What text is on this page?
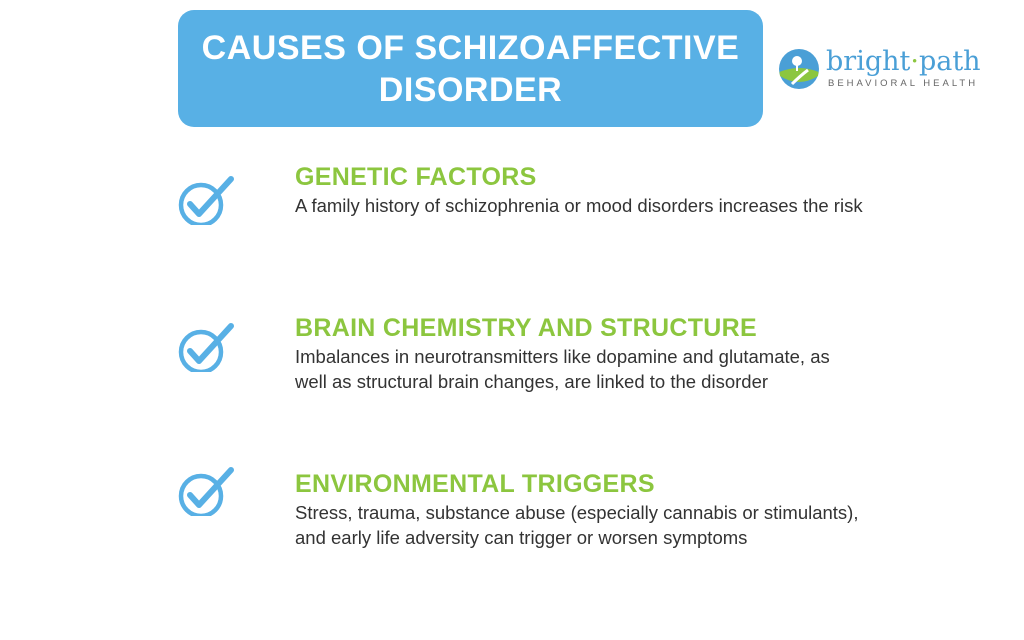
CAUSES OF SCHIZOAFFECTIVE
DISORDER
bright·path
BEHAVIORAL HEALTH
GENETIC FACTORS
A family history of schizophrenia or mood disorders increases the risk
BRAIN CHEMISTRY AND STRUCTURE
Imbalances in neurotransmitters like dopamine and glutamate, as well as structural brain changes, are linked to the disorder
ENVIRONMENTAL TRIGGERS
Stress, trauma, substance abuse (especially cannabis or stimulants), and early life adversity can trigger or worsen symptoms
